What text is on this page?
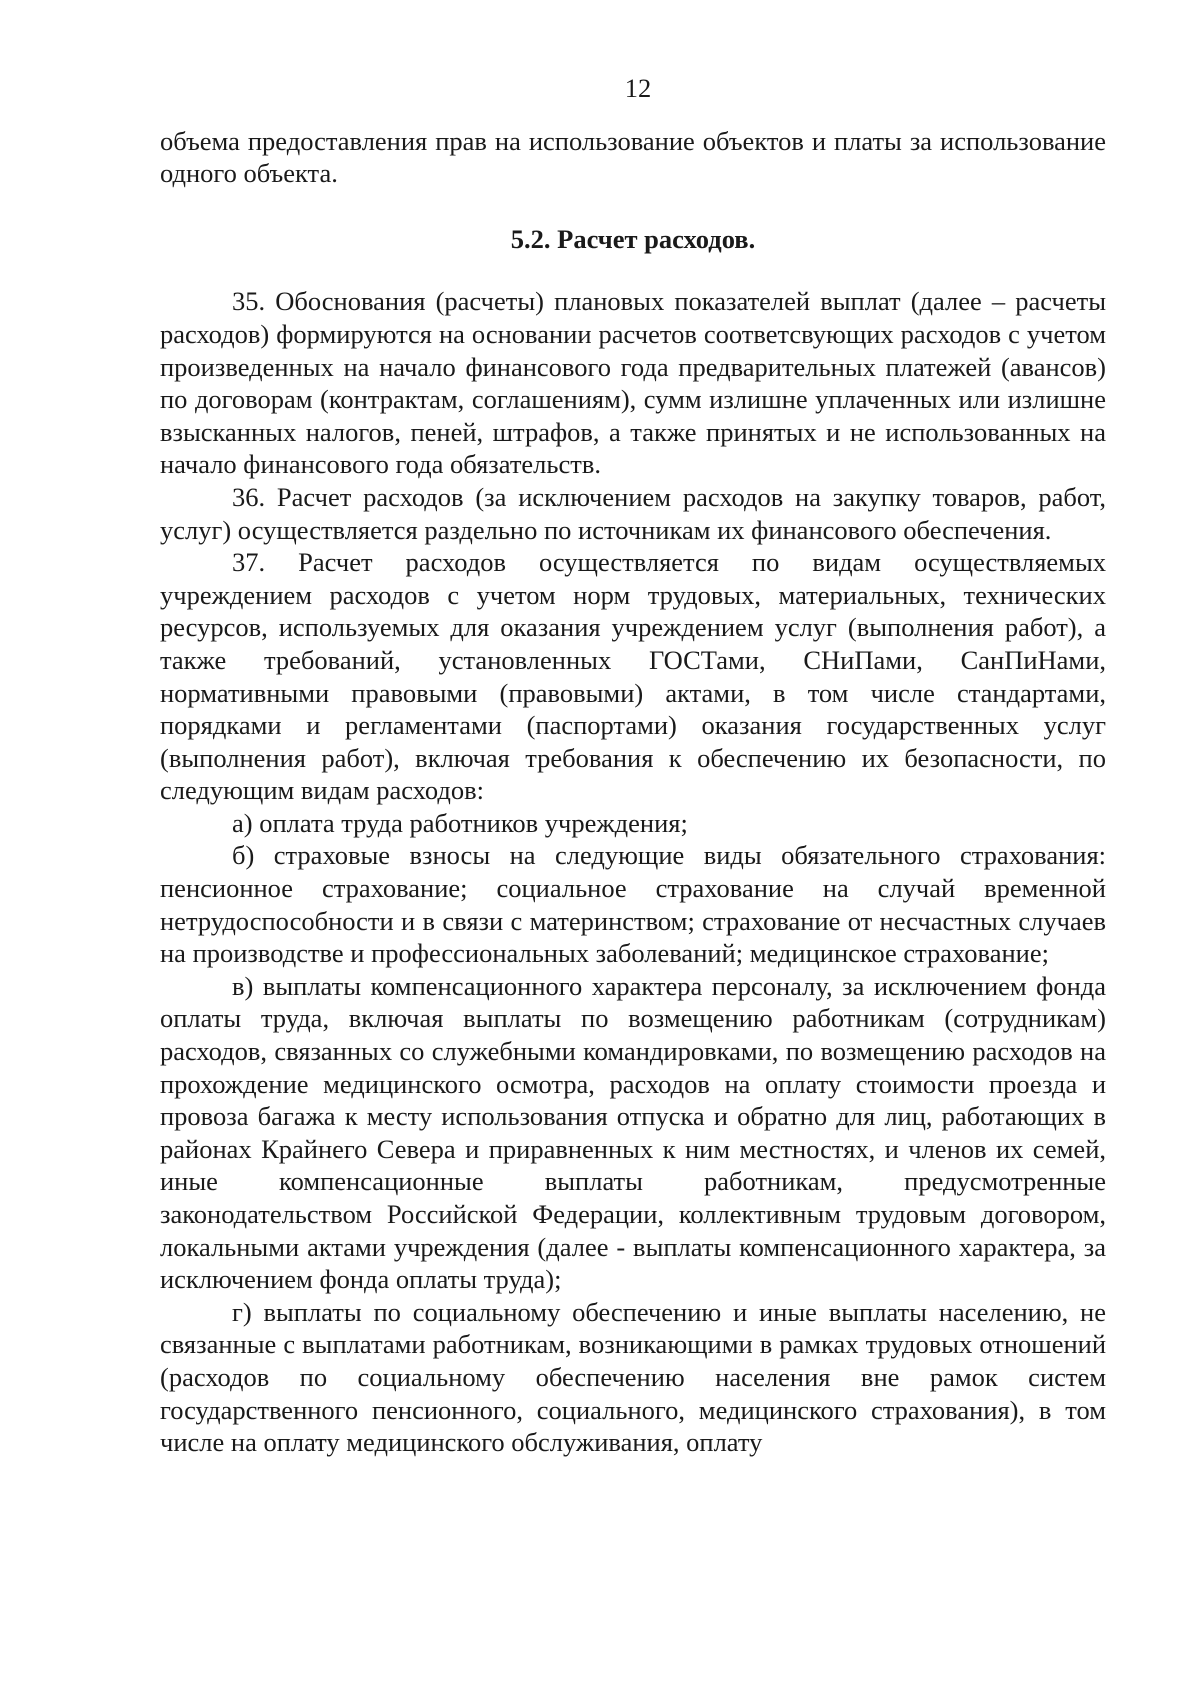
12

объема предоставления прав на использование объектов и платы за использование одного объекта.

5.2. Расчет расходов.

35. Обоснования (расчеты) плановых показателей выплат (далее – расчеты расходов) формируются на основании расчетов соответсвующих расходов с учетом произведенных на начало финансового года предварительных платежей (авансов) по договорам (контрактам, соглашениям), сумм излишне уплаченных или излишне взысканных налогов, пеней, штрафов, а также принятых и не использованных на начало финансового года обязательств.

36. Расчет расходов (за исключением расходов на закупку товаров, работ, услуг) осуществляется раздельно по источникам их финансового обеспечения.

37. Расчет расходов осуществляется по видам осуществляемых учреждением расходов с учетом норм трудовых, материальных, технических ресурсов, используемых для оказания учреждением услуг (выполнения работ), а также требований, установленных ГОСТами, СНиПами, СанПиНами, нормативными правовыми (правовыми) актами, в том числе стандартами, порядками и регламентами (паспортами) оказания государственных услуг (выполнения работ), включая требования к обеспечению их безопасности, по следующим видам расходов:

а) оплата труда работников учреждения;

б) страховые взносы на следующие виды обязательного страхования: пенсионное страхование; социальное страхование на случай временной нетрудоспособности и в связи с материнством; страхование от несчастных случаев на производстве и профессиональных заболеваний; медицинское страхование;

в) выплаты компенсационного характера персоналу, за исключением фонда оплаты труда, включая выплаты по возмещению работникам (сотрудникам) расходов, связанных со служебными командировками, по возмещению расходов на прохождение медицинского осмотра, расходов на оплату стоимости проезда и провоза багажа к месту использования отпуска и обратно для лиц, работающих в районах Крайнего Севера и приравненных к ним местностях, и членов их семей, иные компенсационные выплаты работникам, предусмотренные законодательством Российской Федерации, коллективным трудовым договором, локальными актами учреждения (далее - выплаты компенсационного характера, за исключением фонда оплаты труда);

г) выплаты по социальному обеспечению и иные выплаты населению, не связанные с выплатами работникам, возникающими в рамках трудовых отношений (расходов по социальному обеспечению населения вне рамок систем государственного пенсионного, социального, медицинского страхования), в том числе на оплату медицинского обслуживания, оплату
